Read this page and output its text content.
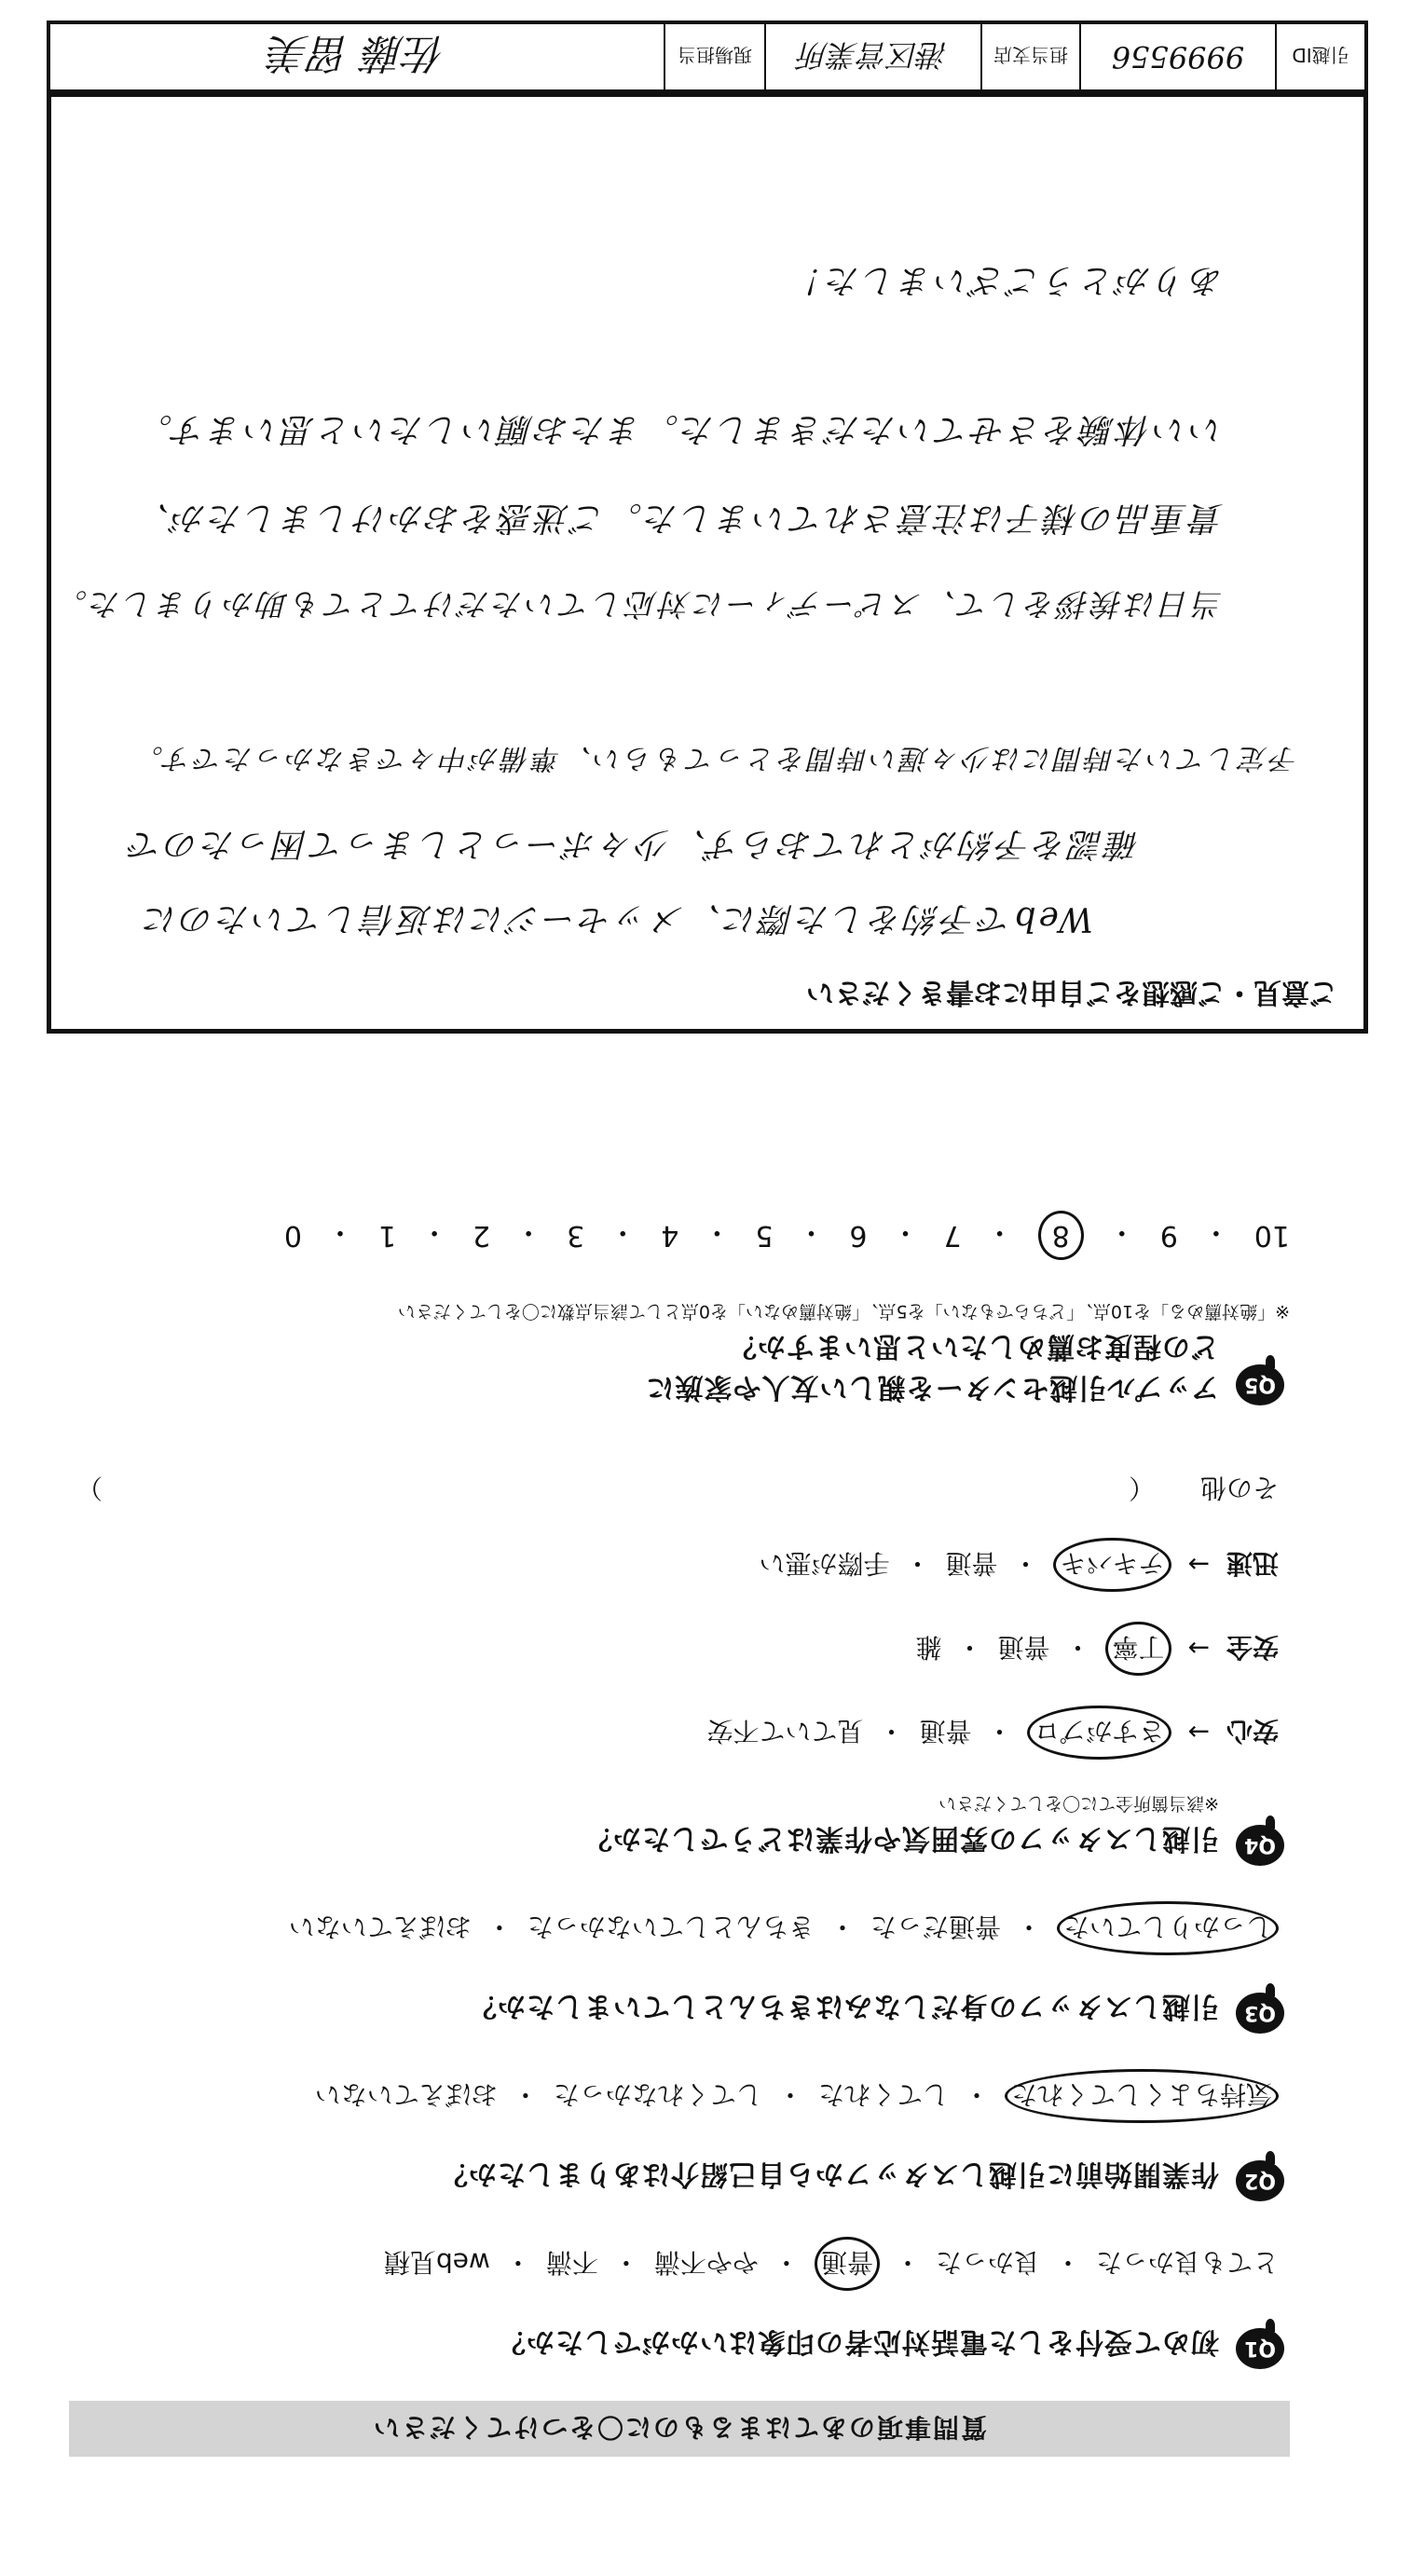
質問事項のあてはまるものに〇をつけてください
Q1
初めて受付をした電話対応者の印象はいかがでしたか？
とても良かった
・
良かった
・
普通
・
やや不満
・
不満
・
web見積
Q2
作業開始前に引越しスタッフから自己紹介はありましたか？
気持ちよくしてくれた
・
してくれた
・
してくれなかった
・
おぼえていない
Q3
引越しスタッフの身だしなみはきちんとしていましたか？
しっかりしていた
・
普通だった
・
きちんとしていなかった
・
おぼえていない
Q4
引越しスタッフの雰囲気や作業はどうでしたか？
※該当箇所全てに〇をしてください
安心
→
さすがプロ
・
普通
・
見ていて不安
安全
→
丁寧
・
普通
・
雑
迅速
→
テキパキ
・
普通
・
手際が悪い
その他 （
）
Q5
アップル引越センターを親しい友人や家族に
どの程度お薦めしたいと思いますか？
※「絶対薦める」を10点、「どちらでもない」を5点、「絶対薦めない」を0点として該当点数に〇をしてください
10
・
9
・
8
・
7
・
6
・
5
・
4
・
3
・
2
・
1
・
0
ご意見・ご感想をご自由にお書きください
Webで予約をした際に、メッセージには返信していたのに
確認を予約がとれておらず、少々ボーっとしまって困ったので
予定していた時間には少々遅い時間をとってもらい、準備が中々できなかったです。
当日は挨拶をして、スピーディーに対応していただけてとても助かりました。
貴重品の様子は注意されていました。ご迷惑をおかけしましたが、
いい体験をさせていただきました。またお願いしたいと思います。
ありがとうございました！
引越ID
9999556
担当支店
港区営業所
現場担当
佐藤 留美
